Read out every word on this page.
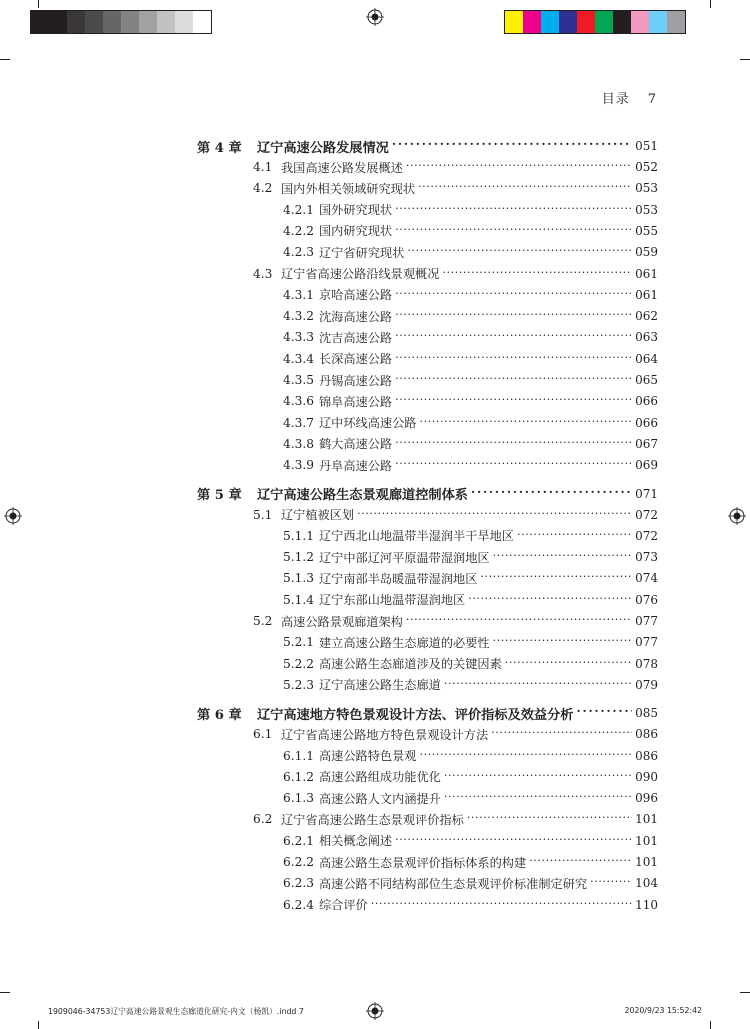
目录 7
第 4 章	辽宁高速公路发展情况 ·····	051
4.1 我国高速公路发展概述 ·····	052
4.2 国内外相关领域研究现状 ·····	053
4.2.1 国外研究现状 ·····	053
4.2.2 国内研究现状 ·····	055
4.2.3 辽宁省研究现状 ·····	059
4.3 辽宁省高速公路沿线景观概况 ·····	061
4.3.1 京哈高速公路 ·····	061
4.3.2 沈海高速公路 ·····	062
4.3.3 沈吉高速公路 ·····	063
4.3.4 长深高速公路 ·····	064
4.3.5 丹锡高速公路 ·····	065
4.3.6 锦阜高速公路 ·····	066
4.3.7 辽中环线高速公路 ·····	066
4.3.8 鹤大高速公路 ·····	067
4.3.9 丹阜高速公路 ·····	069
第 5 章	辽宁高速公路生态景观廊道控制体系 ·····	071
5.1 辽宁植被区划 ·····	072
5.1.1 辽宁西北山地温带半湿润半干旱地区 ·····	072
5.1.2 辽宁中部辽河平原温带湿润地区 ·····	073
5.1.3 辽宁南部半岛暖温带湿润地区 ·····	074
5.1.4 辽宁东部山地温带湿润地区 ·····	076
5.2 高速公路景观廊道架构 ·····	077
5.2.1 建立高速公路生态廊道的必要性 ·····	077
5.2.2 高速公路生态廊道涉及的关键因素 ·····	078
5.2.3 辽宁高速公路生态廊道 ·····	079
第 6 章	辽宁高速地方特色景观设计方法、评价指标及效益分析 ·····	085
6.1 辽宁省高速公路地方特色景观设计方法 ·····	086
6.1.1 高速公路特色景观 ·····	086
6.1.2 高速公路组成功能优化 ·····	090
6.1.3 高速公路人文内涵提升 ·····	096
6.2 辽宁省高速公路生态景观评价指标 ·····	101
6.2.1 相关概念阐述 ·····	101
6.2.2 高速公路生态景观评价指标体系的构建 ·····	101
6.2.3 高速公路不同结构部位生态景观评价标准制定研究 ·····	104
6.2.4 综合评价 ·····	110
1909046-34753辽宁高速公路景观生态廊道化研究-内文（杨凯）.indd 7	2020/9/23 15:52:42
